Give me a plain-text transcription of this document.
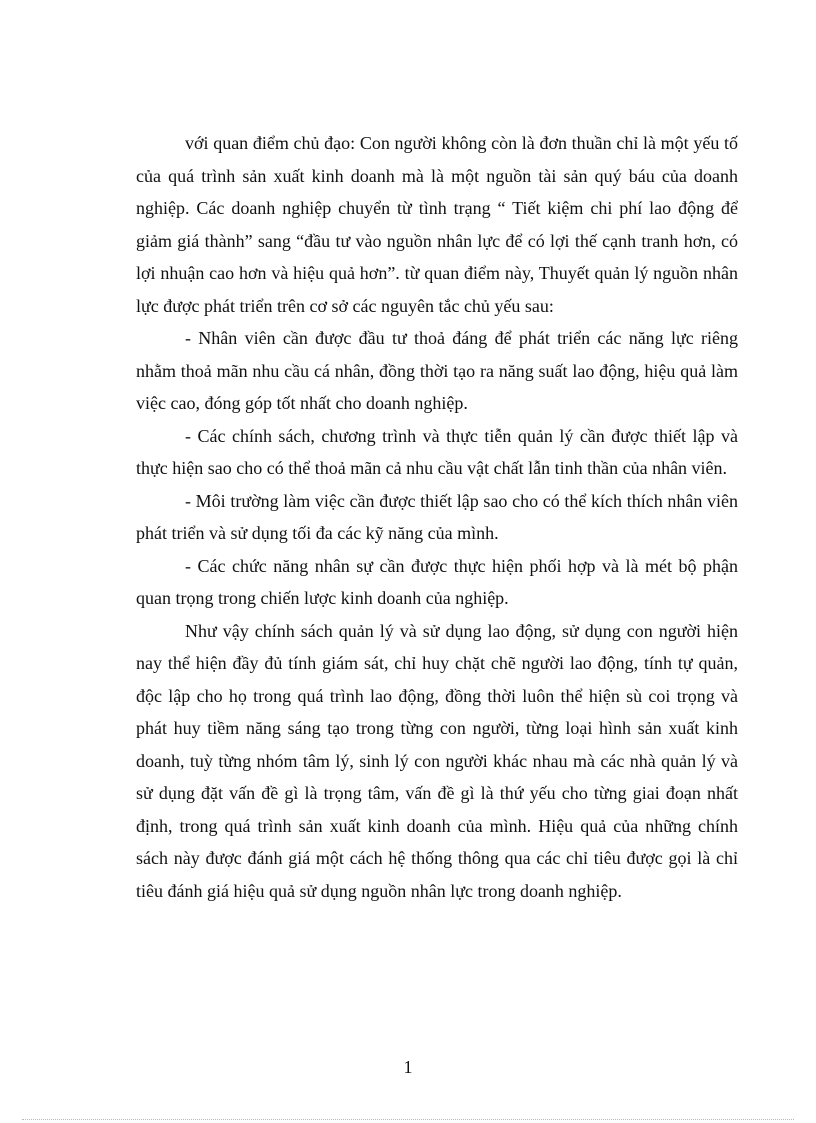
với quan điểm chủ đạo: Con người không còn là đơn thuần chỉ là một yếu tố của quá trình sản xuất kinh doanh mà là một nguồn tài sản quý báu của doanh nghiệp. Các doanh nghiệp chuyển từ tình trạng “ Tiết kiệm chi phí lao động để giảm giá thành” sang “đầu tư vào nguồn nhân lực để có lợi thế cạnh tranh hơn, có lợi nhuận cao hơn và hiệu quả hơn”. từ quan điểm này, Thuyết quản lý nguồn nhân lực được phát triển trên cơ sở các nguyên tắc chủ yếu sau:

- Nhân viên cần được đầu tư thoả đáng để phát triển các năng lực riêng nhằm thoả mãn nhu cầu cá nhân, đồng thời tạo ra năng suất lao động, hiệu quả làm việc cao, đóng góp tốt nhất cho doanh nghiệp.

- Các chính sách, chương trình và thực tiễn quản lý cần được thiết lập và thực hiện sao cho có thể thoả mãn cả nhu cầu vật chất lẫn tinh thần của nhân viên.

- Môi trường làm việc cần được thiết lập sao cho có thể kích thích nhân viên phát triển và sử dụng tối đa các kỹ năng của mình.

- Các chức năng nhân sự cần được thực hiện phối hợp và là mét bộ phận quan trọng trong chiến lược kinh doanh của nghiệp.

Như vậy chính sách quản lý và sử dụng lao động, sử dụng con người hiện nay thể hiện đầy đủ tính giám sát, chỉ huy chặt chẽ người lao động, tính tự quản, độc lập cho họ trong quá trình lao động, đồng thời luôn thể hiện sù coi trọng và phát huy tiềm năng sáng tạo trong từng con người, từng loại hình sản xuất kinh doanh, tuỳ từng nhóm tâm lý, sinh lý con người khác nhau mà các nhà quản lý và sử dụng đặt vấn đề gì là trọng tâm, vấn đề gì là thứ yếu cho từng giai đoạn nhất định, trong quá trình sản xuất kinh doanh của mình. Hiệu quả của những chính sách này được đánh giá một cách hệ thống thông qua các chỉ tiêu được gọi là chỉ tiêu đánh giá hiệu quả sử dụng nguồn nhân lực trong doanh nghiệp.

1
